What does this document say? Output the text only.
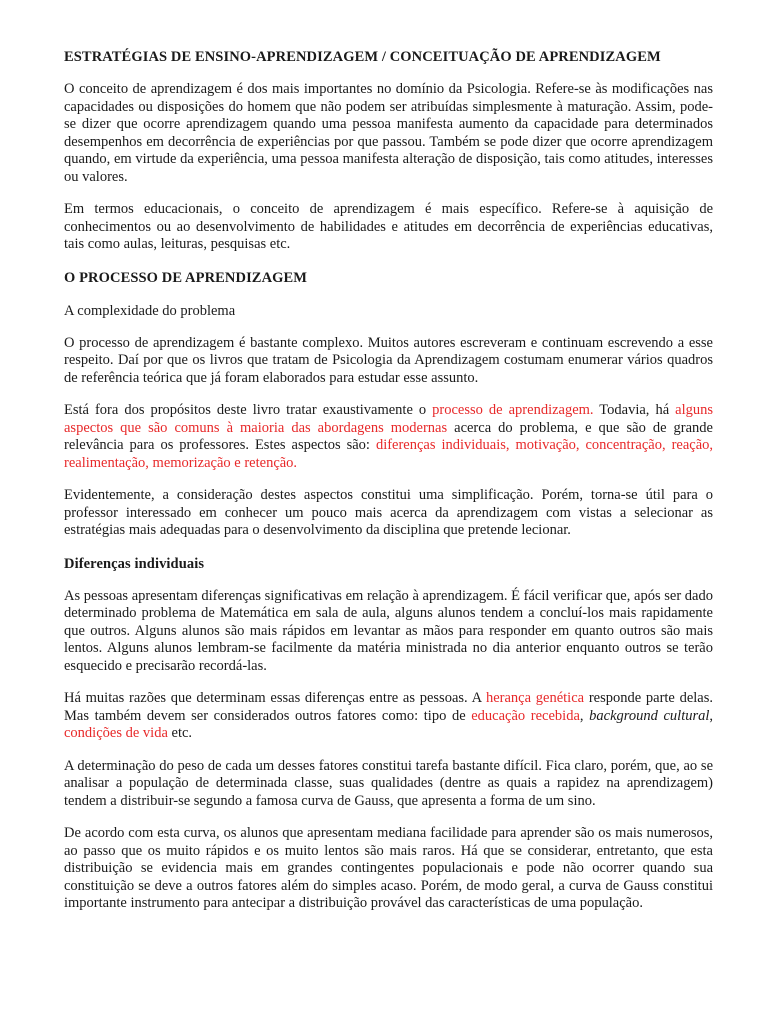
ESTRATÉGIAS DE ENSINO-APRENDIZAGEM / CONCEITUAÇÃO DE APRENDIZAGEM

O conceito de aprendizagem é dos mais importantes no domínio da Psicologia. Refere-se às modificações nas capacidades ou disposições do homem que não podem ser atribuídas simplesmente à maturação. Assim, pode-se dizer que ocorre aprendizagem quando uma pessoa manifesta aumento da capacidade para determinados desempenhos em decorrência de experiências por que passou. Também se pode dizer que ocorre aprendizagem quando, em virtude da experiência, uma pessoa manifesta alteração de disposição, tais como atitudes, interesses ou valores.

Em termos educacionais, o conceito de aprendizagem é mais específico. Refere-se à aquisição de conhecimentos ou ao desenvolvimento de habilidades e atitudes em decorrência de experiências educativas, tais como aulas, leituras, pesquisas etc.

O PROCESSO DE APRENDIZAGEM
A complexidade do problema

O processo de aprendizagem é bastante complexo. Muitos autores escreveram e continuam escrevendo a esse respeito. Daí por que os livros que tratam de Psicologia da Aprendizagem costumam enumerar vários quadros de referência teórica que já foram elaborados para estudar esse assunto.

Está fora dos propósitos deste livro tratar exaustivamente o processo de aprendizagem. Todavia, há alguns aspectos que são comuns à maioria das abordagens modernas acerca do problema, e que são de grande relevância para os professores. Estes aspectos são: diferenças individuais, motivação, concentração, reação, realimentação, memorização e retenção.

Evidentemente, a consideração destes aspectos constitui uma simplificação. Porém, torna-se útil para o professor interessado em conhecer um pouco mais acerca da aprendizagem com vistas a selecionar as estratégias mais adequadas para o desenvolvimento da disciplina que pretende lecionar.

Diferenças individuais

As pessoas apresentam diferenças significativas em relação à aprendizagem. É fácil verificar que, após ser dado determinado problema de Matemática em sala de aula, alguns alunos tendem a concluí-los mais rapidamente que outros. Alguns alunos são mais rápidos em levantar as mãos para responder em quanto outros são mais lentos. Alguns alunos lembram-se facilmente da matéria ministrada no dia anterior enquanto outros se terão esquecido e precisarão recordá-las.

Há muitas razões que determinam essas diferenças entre as pessoas. A herança genética responde parte delas. Mas também devem ser considerados outros fatores como: tipo de educação recebida, background cultural, condições de vida etc.

A determinação do peso de cada um desses fatores constitui tarefa bastante difícil. Fica claro, porém, que, ao se analisar a população de determinada classe, suas qualidades (dentre as quais a rapidez na aprendizagem) tendem a distribuir-se segundo a famosa curva de Gauss, que apresenta a forma de um sino.

De acordo com esta curva, os alunos que apresentam mediana facilidade para aprender são os mais numerosos, ao passo que os muito rápidos e os muito lentos são mais raros. Há que se considerar, entretanto, que esta distribuição se evidencia mais em grandes contingentes populacionais e pode não ocorrer quando sua constituição se deve a outros fatores além do simples acaso. Porém, de modo geral, a curva de Gauss constitui importante instrumento para antecipar a distribuição provável das características de uma população.
